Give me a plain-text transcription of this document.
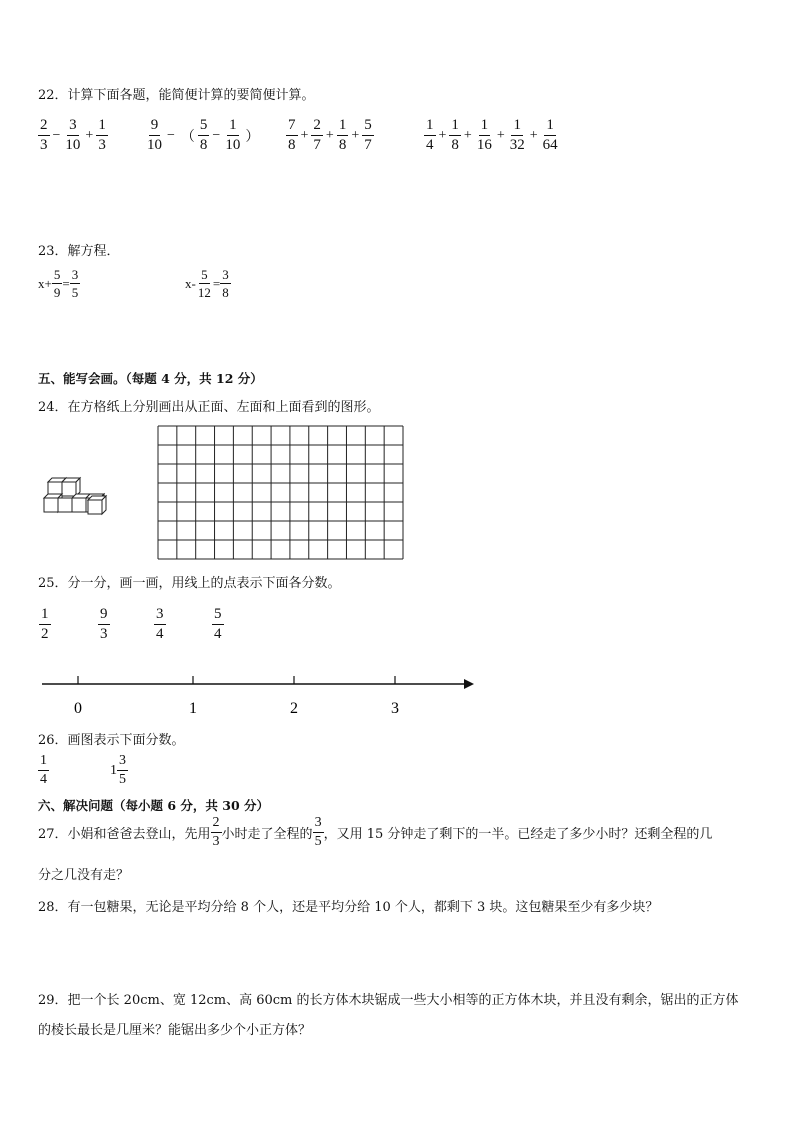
22．计算下面各题，能简便计算的要简便计算。
$\frac{2}{3} - \frac{3}{10} + \frac{1}{3} \frac{9}{10}$ − （ $\frac{5}{8} - \frac{1}{10}$ ） $\frac{7}{8} + \frac{2}{7} + \frac{1}{8} + \frac{5}{7}$	$\frac{1}{4} + \frac{1}{8} + \frac{1}{16} + \frac{1}{32} + \frac{1}{64}$
23．解方程．
$x+ \frac{5}{9} = \frac{3}{5}$	$x- \frac{5}{12} = \frac{3}{8}$
五、能写会画。（每题 4 分，共 12 分）
24．在方格纸上分别画出从正面、左面和上面看到的图形。
25．分一分，画一画，用线上的点表示下面各分数。
$\frac{1}{2}$	$\frac{9}{3}$	$\frac{3}{4}$	$\frac{5}{4}$
0	1	2	3
26．画图表示下面分数。
$\frac{1}{4}$	$1 \frac{3}{5}$
六、解决问题（每小题 6 分，共 30 分）
27．小娟和爸爸去登山，先用 $\frac{2}{3}$ 小时走了全程的 $\frac{3}{5}$ ，又用 15 分钟走了剩下的一半。已经走了多少小时？还剩全程的几
分之几没有走？
28．有一包糖果，无论是平均分给 8 个人，还是平均分给 10 个人，都剩下 3 块。这包糖果至少有多少块？
29．把一个长 20cm、宽 12cm、高 60cm 的长方体木块锯成一些大小相等的正方体木块，并且没有剩余，锯出的正方体
的棱长最长是几厘米？能锯出多少个小正方体？
